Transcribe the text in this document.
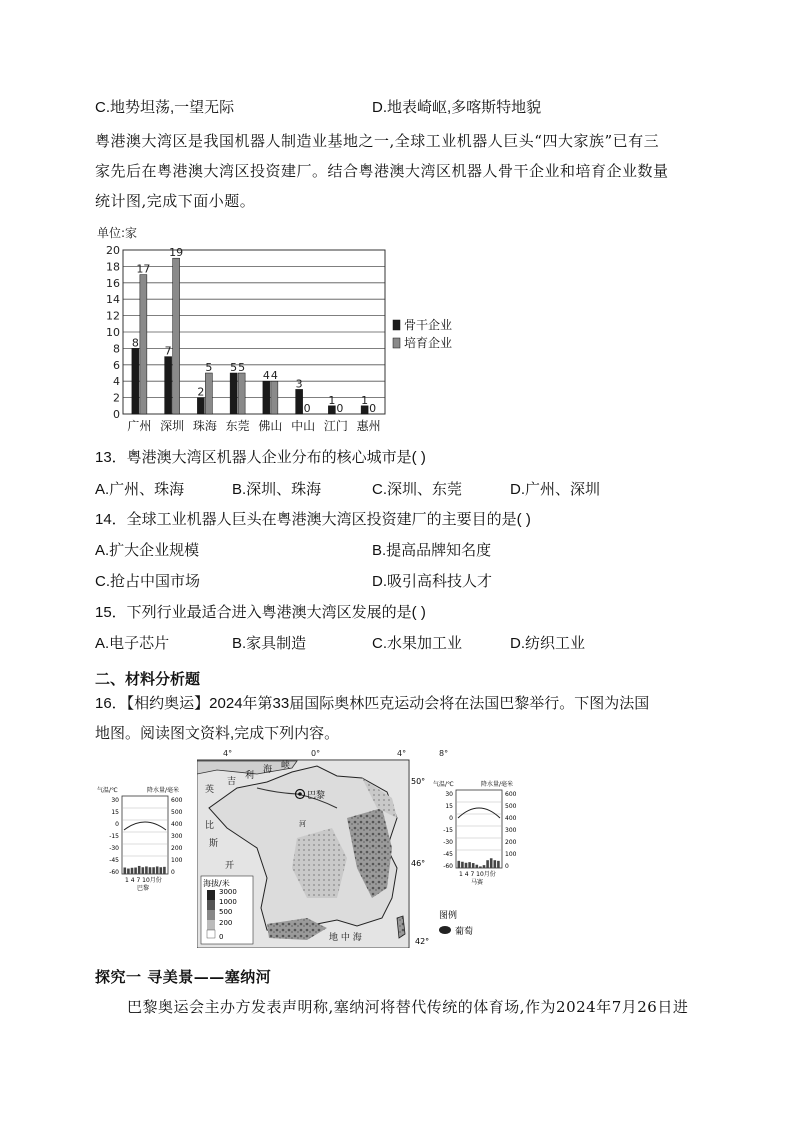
C.地势坦荡,一望无际	D.地表崎岖,多喀斯特地貌
粤港澳大湾区是我国机器人制造业基地之一,全球工业机器人巨头“四大家族”已有三
家先后在粤港澳大湾区投资建厂。结合粤港澳大湾区机器人骨干企业和培育企业数量
统计图,完成下面小题。
单位:家
0
2
4
6
8
10
12
14
16
18
20
8
17
7
19
2
5 5 5
4 4
3
0
1
0
1
0
广州 深圳 珠海 东莞 佛山 中山 江门 惠州
骨干企业
培育企业
13．粤港澳大湾区机器人企业分布的核心城市是( )
A.广州、珠海	B.深圳、珠海	C.深圳、东莞	D.广州、深圳
14．全球工业机器人巨头在粤港澳大湾区投资建厂的主要目的是( )
A.扩大企业规模	B.提高品牌知名度
C.抢占中国市场	D.吸引高科技人才
15．下列行业最适合进入粤港澳大湾区发展的是( )
A.电子芯片	B.家具制造	C.水果加工业	D.纺织工业
二、材料分析题
16．【相约奥运】2024年第33届国际奥林匹克运动会将在法国巴黎举行。下图为法国
地图。阅读图文资料,完成下列内容。
气温/℃	降水量/毫米
30
15
0
-15
-30
-45
-60
600
500
400
300
200
100
0
1 4 7 10月份
巴黎
4°	0°	4°	8°
英
吉
利
海 峡
巴黎
比
斯
开
地 中 海
河
海拔/米
3000
1000
500
200
0
50°
46°
42°
图例
葡萄
气温/℃	降水量/毫米
30
15
0
-15
-30
-45
-60
600
500
400
300
200
100
0
1 4 7 10月份
马赛
探究一 寻美景——塞纳河
巴黎奥运会主办方发表声明称,塞纳河将替代传统的体育场,作为2024年7月26日进
